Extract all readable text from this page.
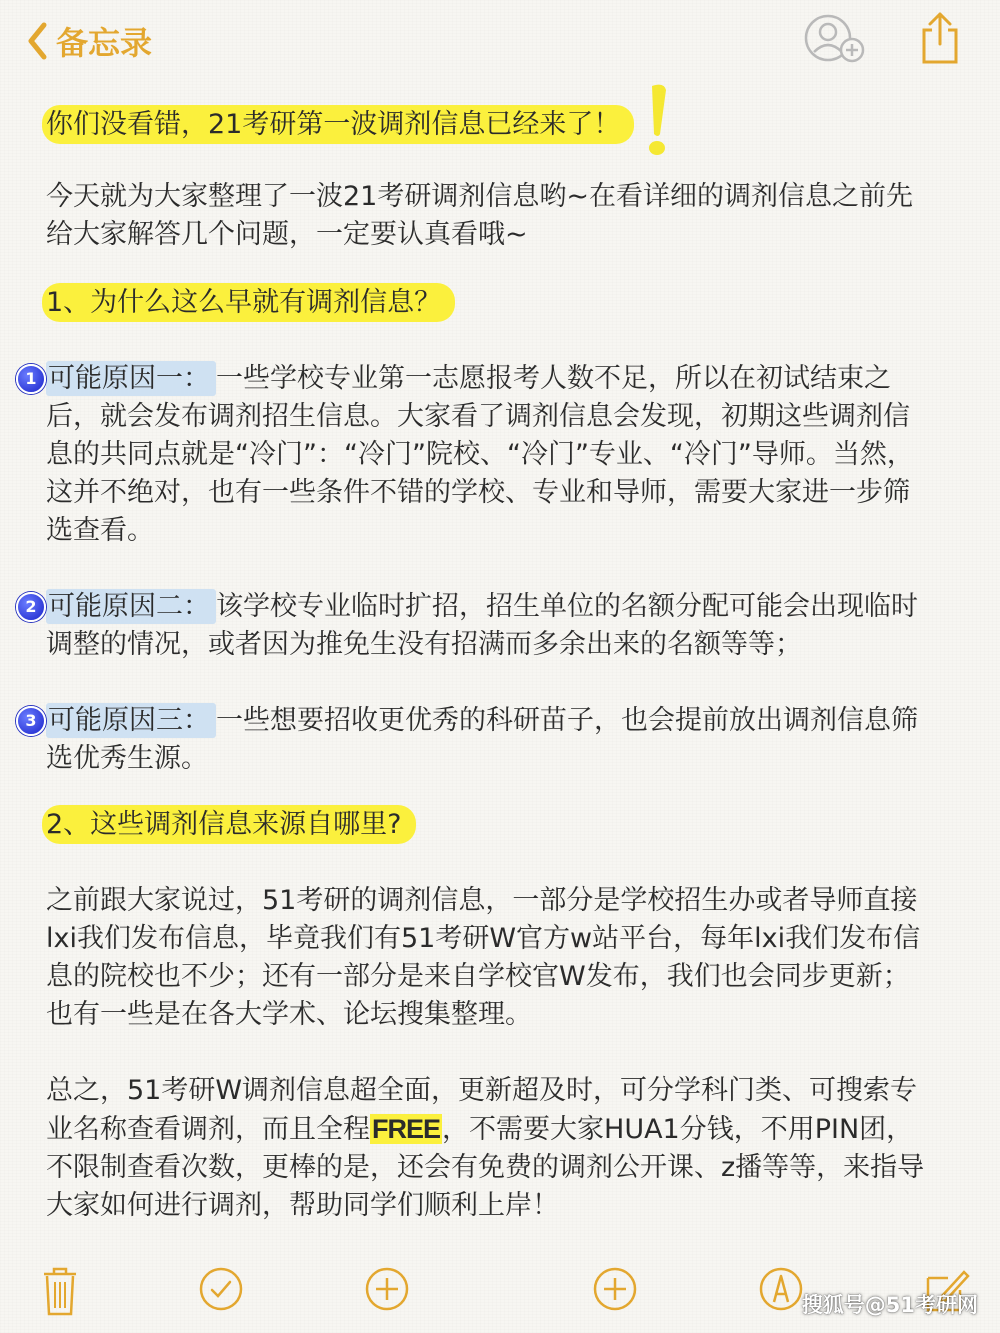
备忘录

你们没看错，21考研第一波调剂信息已经来了！

今天就为大家整理了一波21考研调剂信息哟~在看详细的调剂信息之前先给大家解答几个问题，一定要认真看哦~

1、为什么这么早就有调剂信息？

1 可能原因一： 一些学校专业第一志愿报考人数不足，所以在初试结束之后，就会发布调剂招生信息。大家看了调剂信息会发现，初期这些调剂信息的共同点就是“冷门”：“冷门”院校、“冷门”专业、“冷门”导师。当然，这并不绝对，也有一些条件不错的学校、专业和导师，需要大家进一步筛选查看。

2 可能原因二： 该学校专业临时扩招，招生单位的名额分配可能会出现临时调整的情况，或者因为推免生没有招满而多余出来的名额等等；

3 可能原因三： 一些想要招收更优秀的科研苗子，也会提前放出调剂信息筛选优秀生源。

2、这些调剂信息来源自哪里?

之前跟大家说过，51考研的调剂信息，一部分是学校招生办或者导师直接lxi我们发布信息，毕竟我们有51考研W官方w站平台，每年lxi我们发布信息的院校也不少；还有一部分是来自学校官W发布，我们也会同步更新；也有一些是在各大学术、论坛搜集整理。

总之，51考研W调剂信息超全面，更新超及时，可分学科门类、可搜索专业名称查看调剂，而且全程FREE，不需要大家HUA1分钱，不用PIN团，不限制查看次数，更棒的是，还会有免费的调剂公开课、z播等等，来指导大家如何进行调剂，帮助同学们顺利上岸！

搜狐号@51考研网
